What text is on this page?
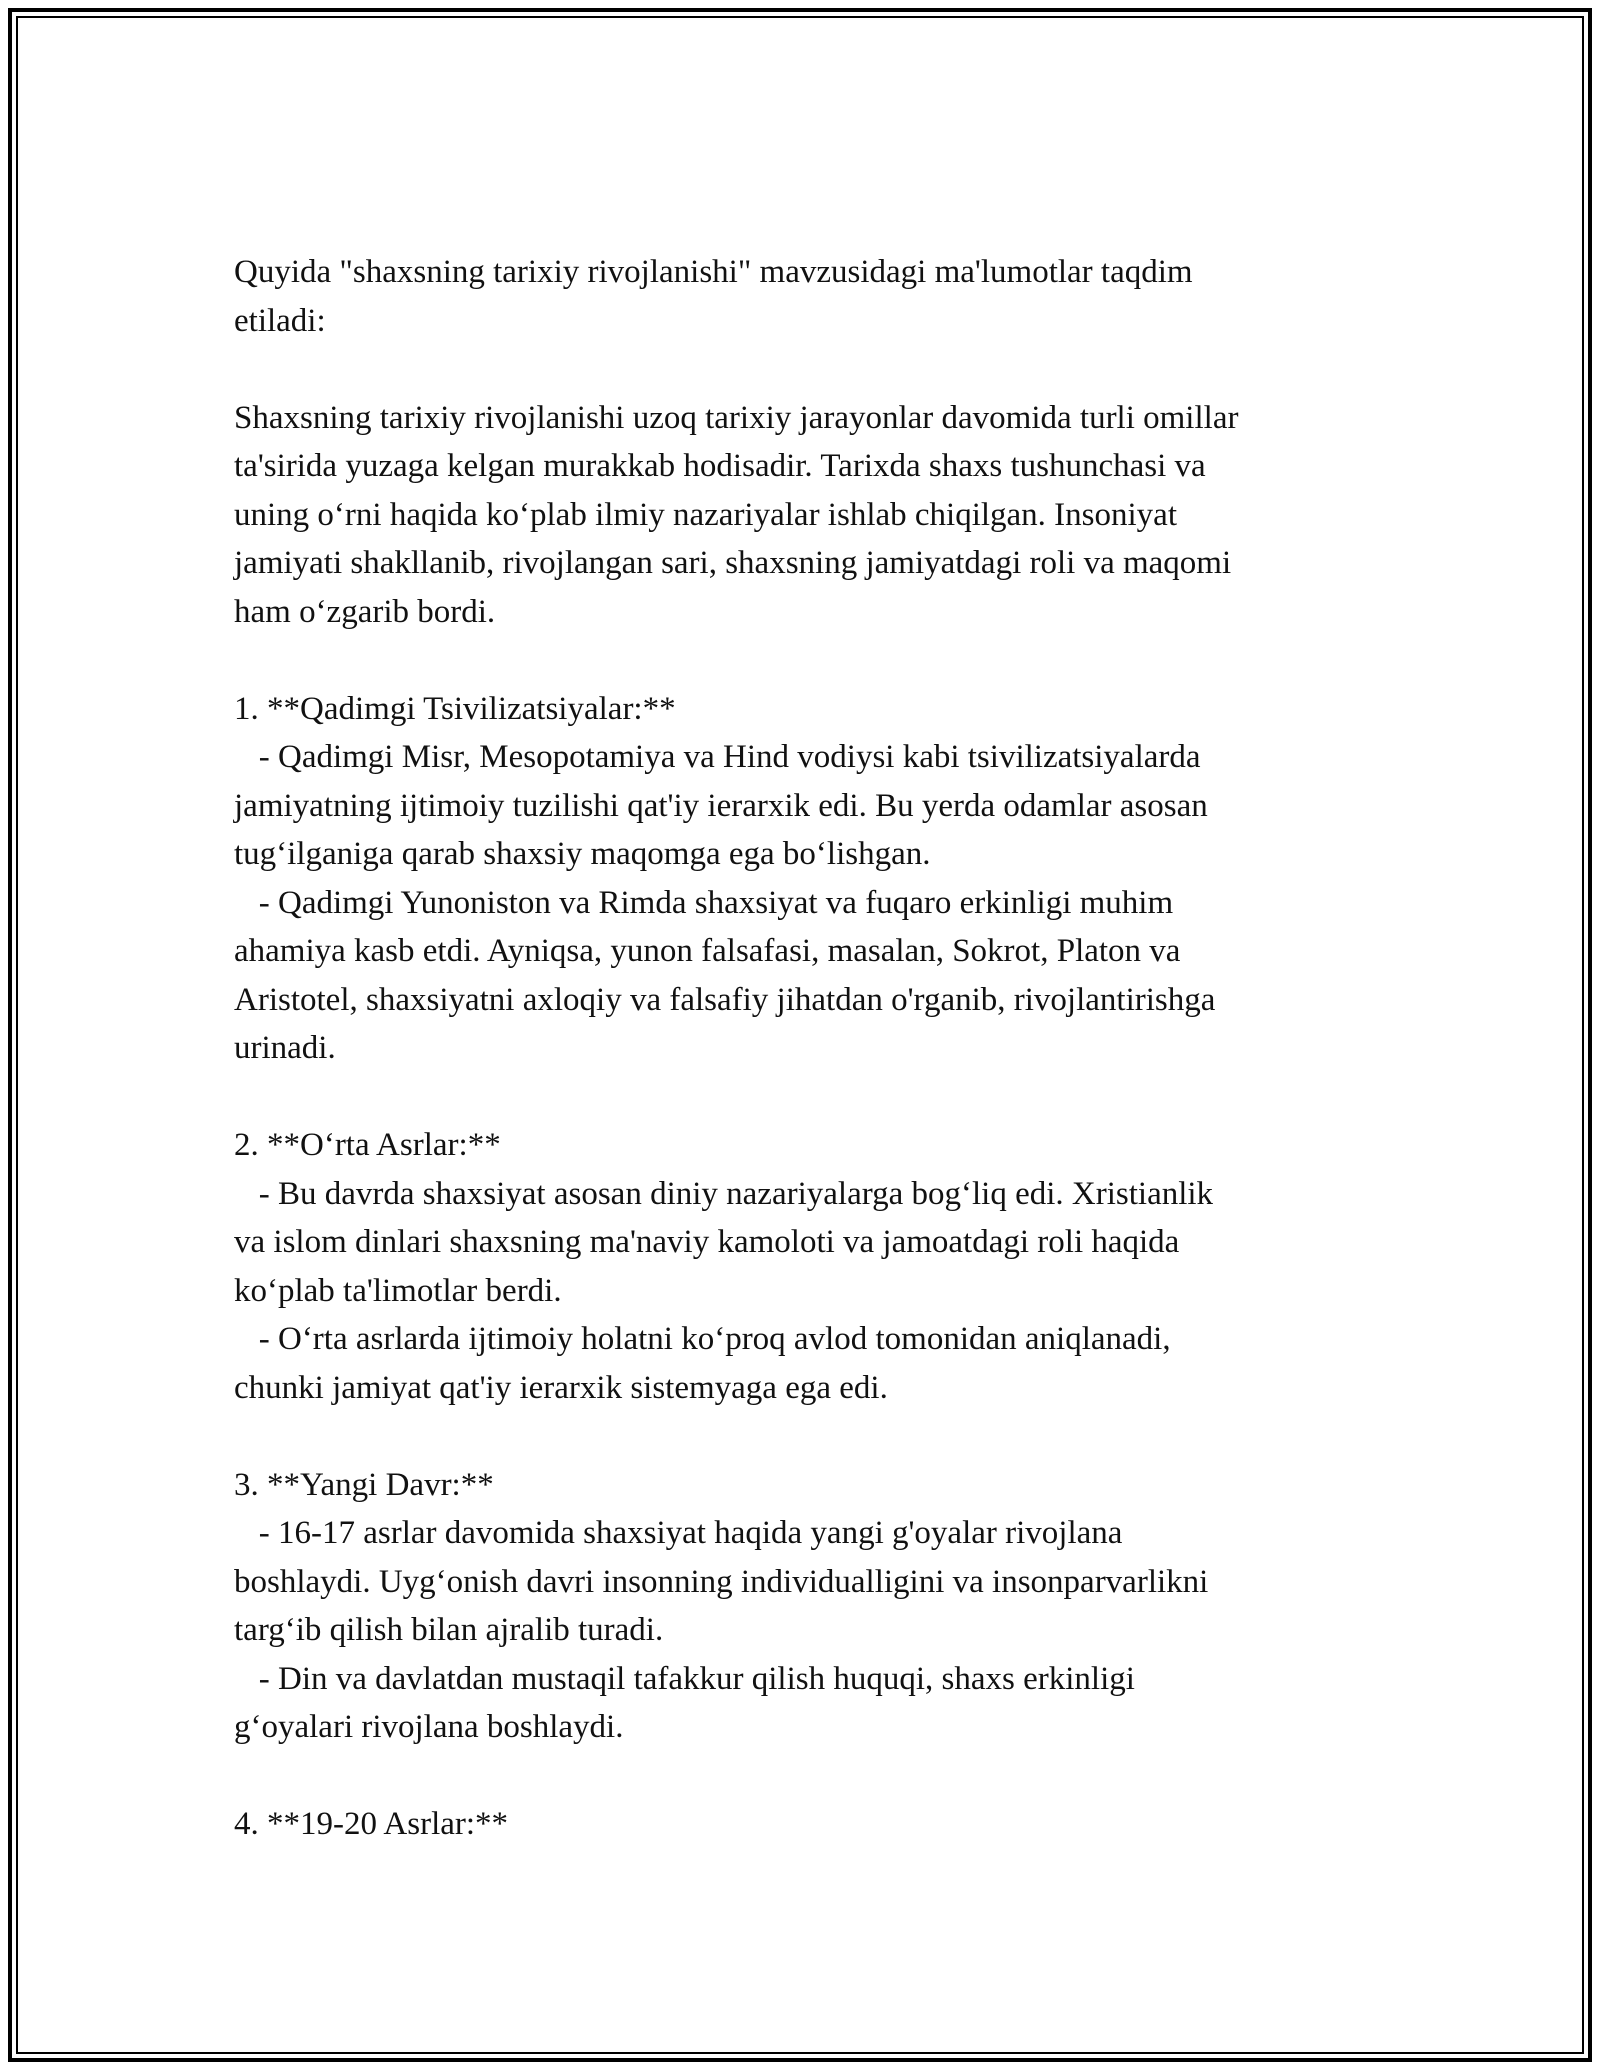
Quyida "shaxsning tarixiy rivojlanishi" mavzusidagi ma'lumotlar taqdim
etiladi:
Shaxsning tarixiy rivojlanishi uzoq tarixiy jarayonlar davomida turli omillar
ta'sirida yuzaga kelgan murakkab hodisadir. Tarixda shaxs tushunchasi va
uning o‘rni haqida ko‘plab ilmiy nazariyalar ishlab chiqilgan. Insoniyat
jamiyati shakllanib, rivojlangan sari, shaxsning jamiyatdagi roli va maqomi
ham o‘zgarib bordi.
1. **Qadimgi Tsivilizatsiyalar:**
- Qadimgi Misr, Mesopotamiya va Hind vodiysi kabi tsivilizatsiyalarda
jamiyatning ijtimoiy tuzilishi qat'iy ierarxik edi. Bu yerda odamlar asosan
tug‘ilganiga qarab shaxsiy maqomga ega bo‘lishgan.
- Qadimgi Yunoniston va Rimda shaxsiyat va fuqaro erkinligi muhim
ahamiya kasb etdi. Ayniqsa, yunon falsafasi, masalan, Sokrot, Platon va
Aristotel, shaxsiyatni axloqiy va falsafiy jihatdan o'rganib, rivojlantirishga
urinadi.
2. **O‘rta Asrlar:**
- Bu davrda shaxsiyat asosan diniy nazariyalarga bog‘liq edi. Xristianlik
va islom dinlari shaxsning ma'naviy kamoloti va jamoatdagi roli haqida
ko‘plab ta'limotlar berdi.
- O‘rta asrlarda ijtimoiy holatni ko‘proq avlod tomonidan aniqlanadi,
chunki jamiyat qat'iy ierarxik sistemyaga ega edi.
3. **Yangi Davr:**
- 16-17 asrlar davomida shaxsiyat haqida yangi g'oyalar rivojlana
boshlaydi. Uyg‘onish davri insonning individualligini va insonparvarlikni
targ‘ib qilish bilan ajralib turadi.
- Din va davlatdan mustaqil tafakkur qilish huquqi, shaxs erkinligi
g‘oyalari rivojlana boshlaydi.
4. **19-20 Asrlar:**
